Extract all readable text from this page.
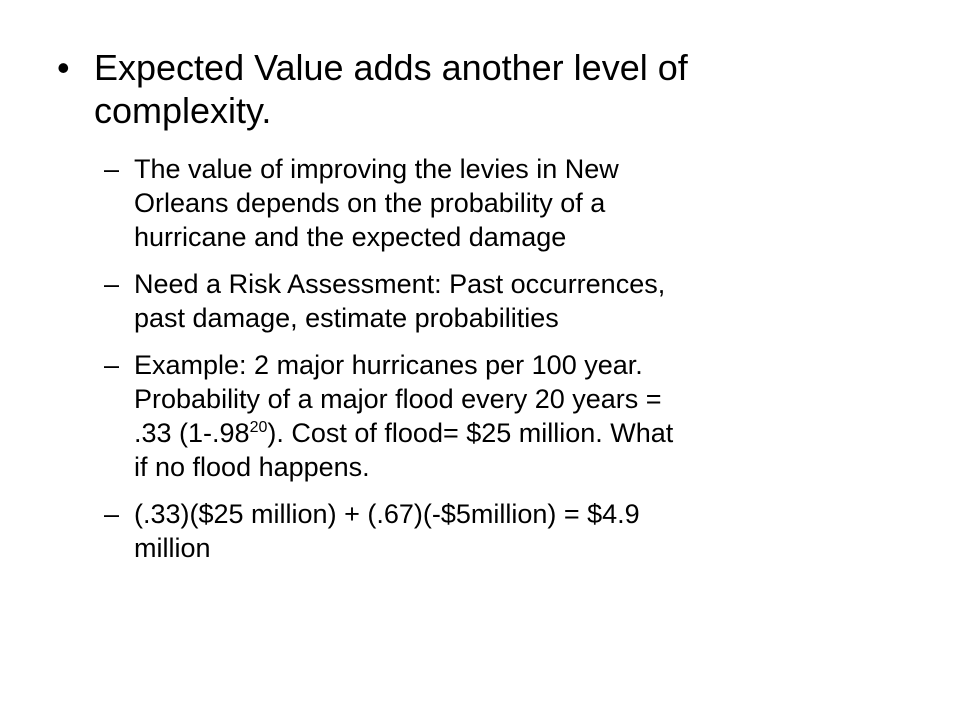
• Expected Value adds another level of
complexity.
– The value of improving the levies in New
Orleans depends on the probability of a
hurricane and the expected damage
– Need a Risk Assessment: Past occurrences,
past damage, estimate probabilities
– Example: 2 major hurricanes per 100 year.
Probability of a major flood every 20 years =
.33 $(1-.98^{20})$. Cost of flood= $25 million. What
if no flood happens.
– (.33)($25 million) + (.67)(-$5million) = $4.9
million
